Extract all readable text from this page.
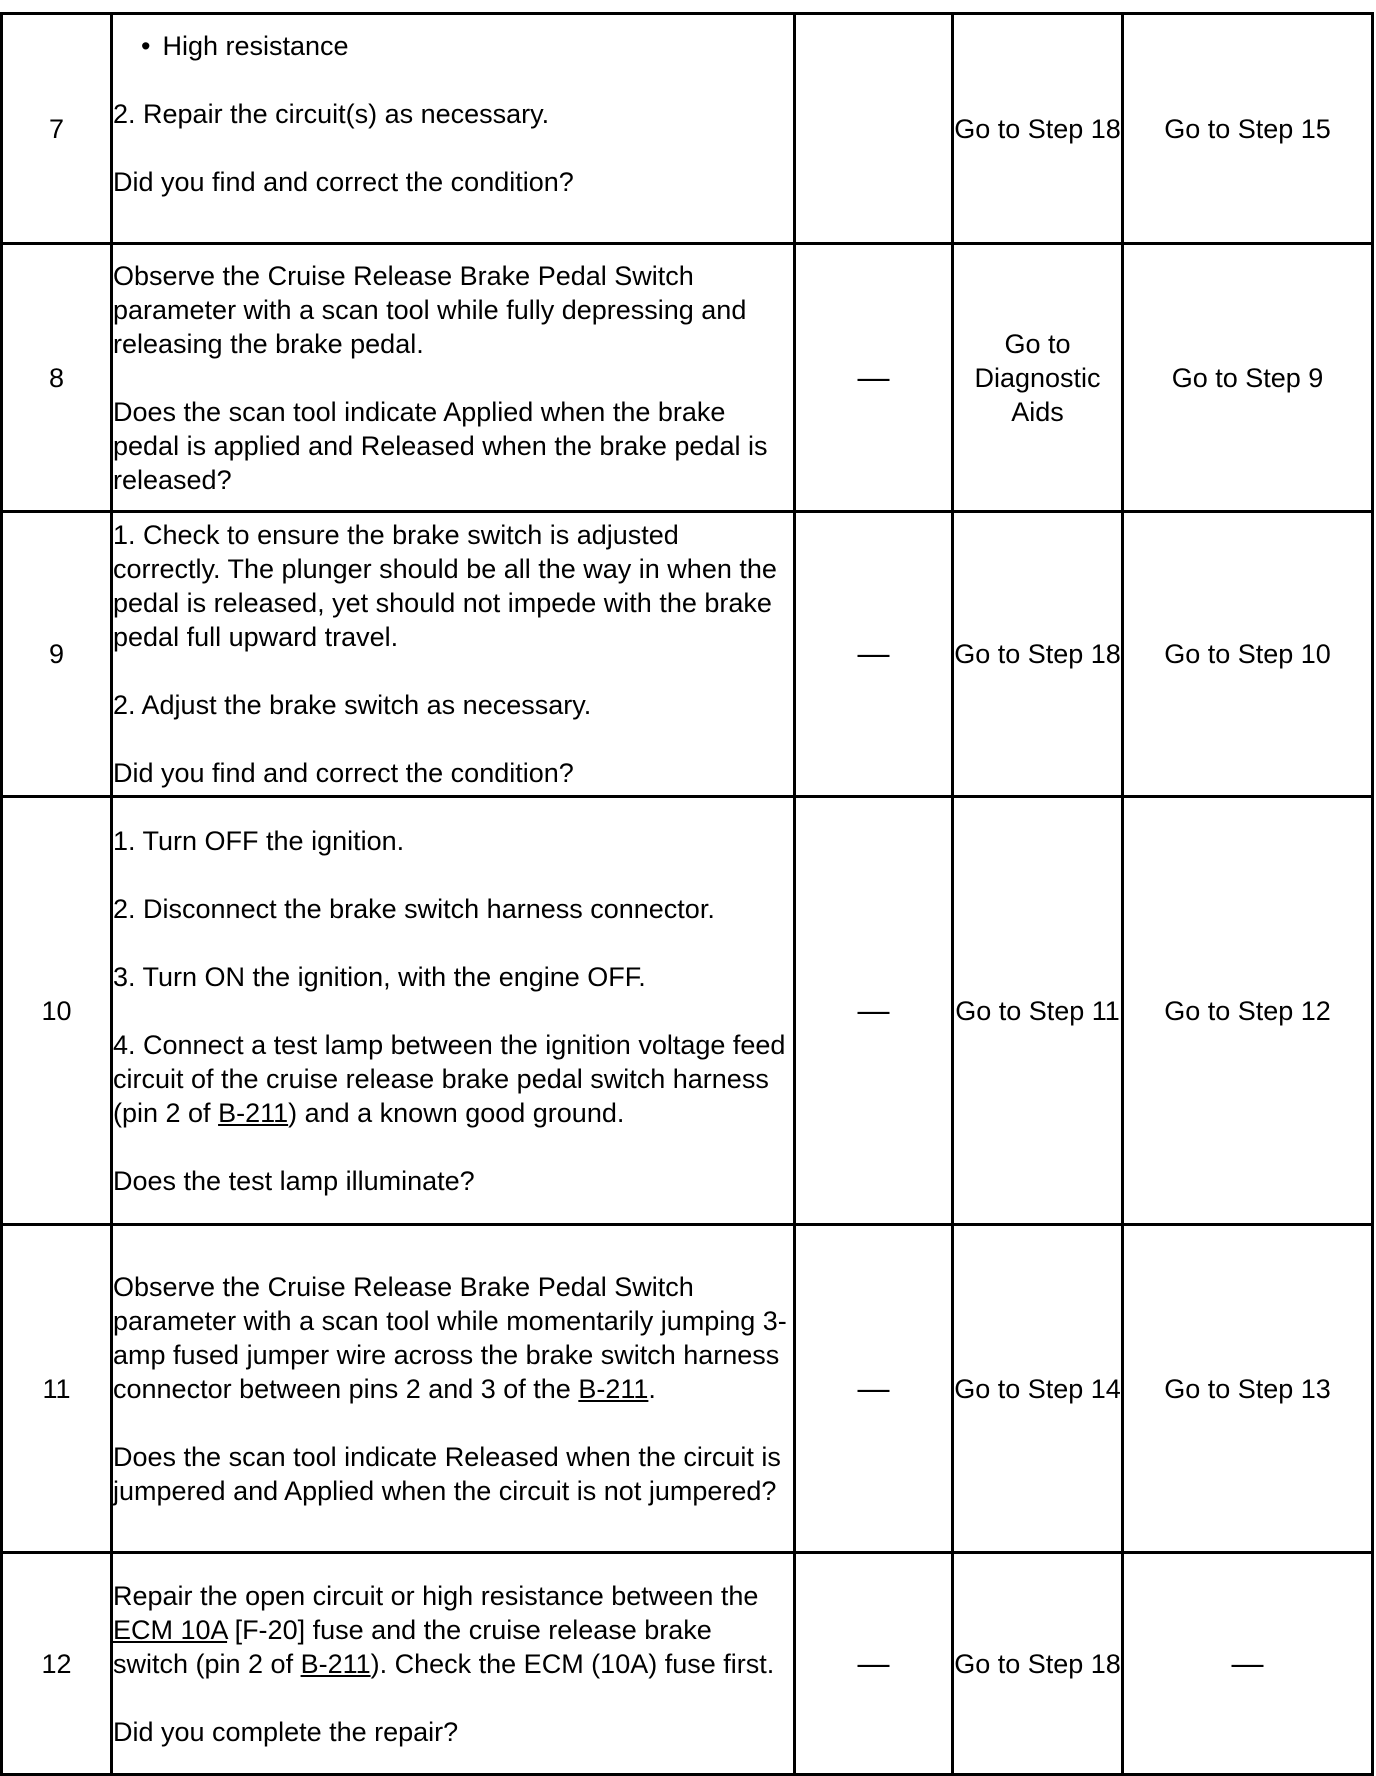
7	• High resistance
2. Repair the circuit(s) as necessary.
Did you find and correct the condition?		Go to Step 18	Go to Step 15
8	Observe the Cruise Release Brake Pedal Switch parameter with a scan tool while fully depressing and releasing the brake pedal.
Does the scan tool indicate Applied when the brake pedal is applied and Released when the brake pedal is released?	—	Go to Diagnostic Aids	Go to Step 9
9	1. Check to ensure the brake switch is adjusted correctly. The plunger should be all the way in when the pedal is released, yet should not impede with the brake pedal full upward travel.
2. Adjust the brake switch as necessary.
Did you find and correct the condition?	—	Go to Step 18	Go to Step 10
10	1. Turn OFF the ignition.
2. Disconnect the brake switch harness connector.
3. Turn ON the ignition, with the engine OFF.
4. Connect a test lamp between the ignition voltage feed circuit of the cruise release brake pedal switch harness (pin 2 of B-211) and a known good ground.
Does the test lamp illuminate?	—	Go to Step 11	Go to Step 12
11	Observe the Cruise Release Brake Pedal Switch parameter with a scan tool while momentarily jumping 3-amp fused jumper wire across the brake switch harness connector between pins 2 and 3 of the B-211.
Does the scan tool indicate Released when the circuit is jumpered and Applied when the circuit is not jumpered?	—	Go to Step 14	Go to Step 13
12	Repair the open circuit or high resistance between the ECM 10A [F-20] fuse and the cruise release brake switch (pin 2 of B-211). Check the ECM (10A) fuse first.
Did you complete the repair?	—	Go to Step 18	—
